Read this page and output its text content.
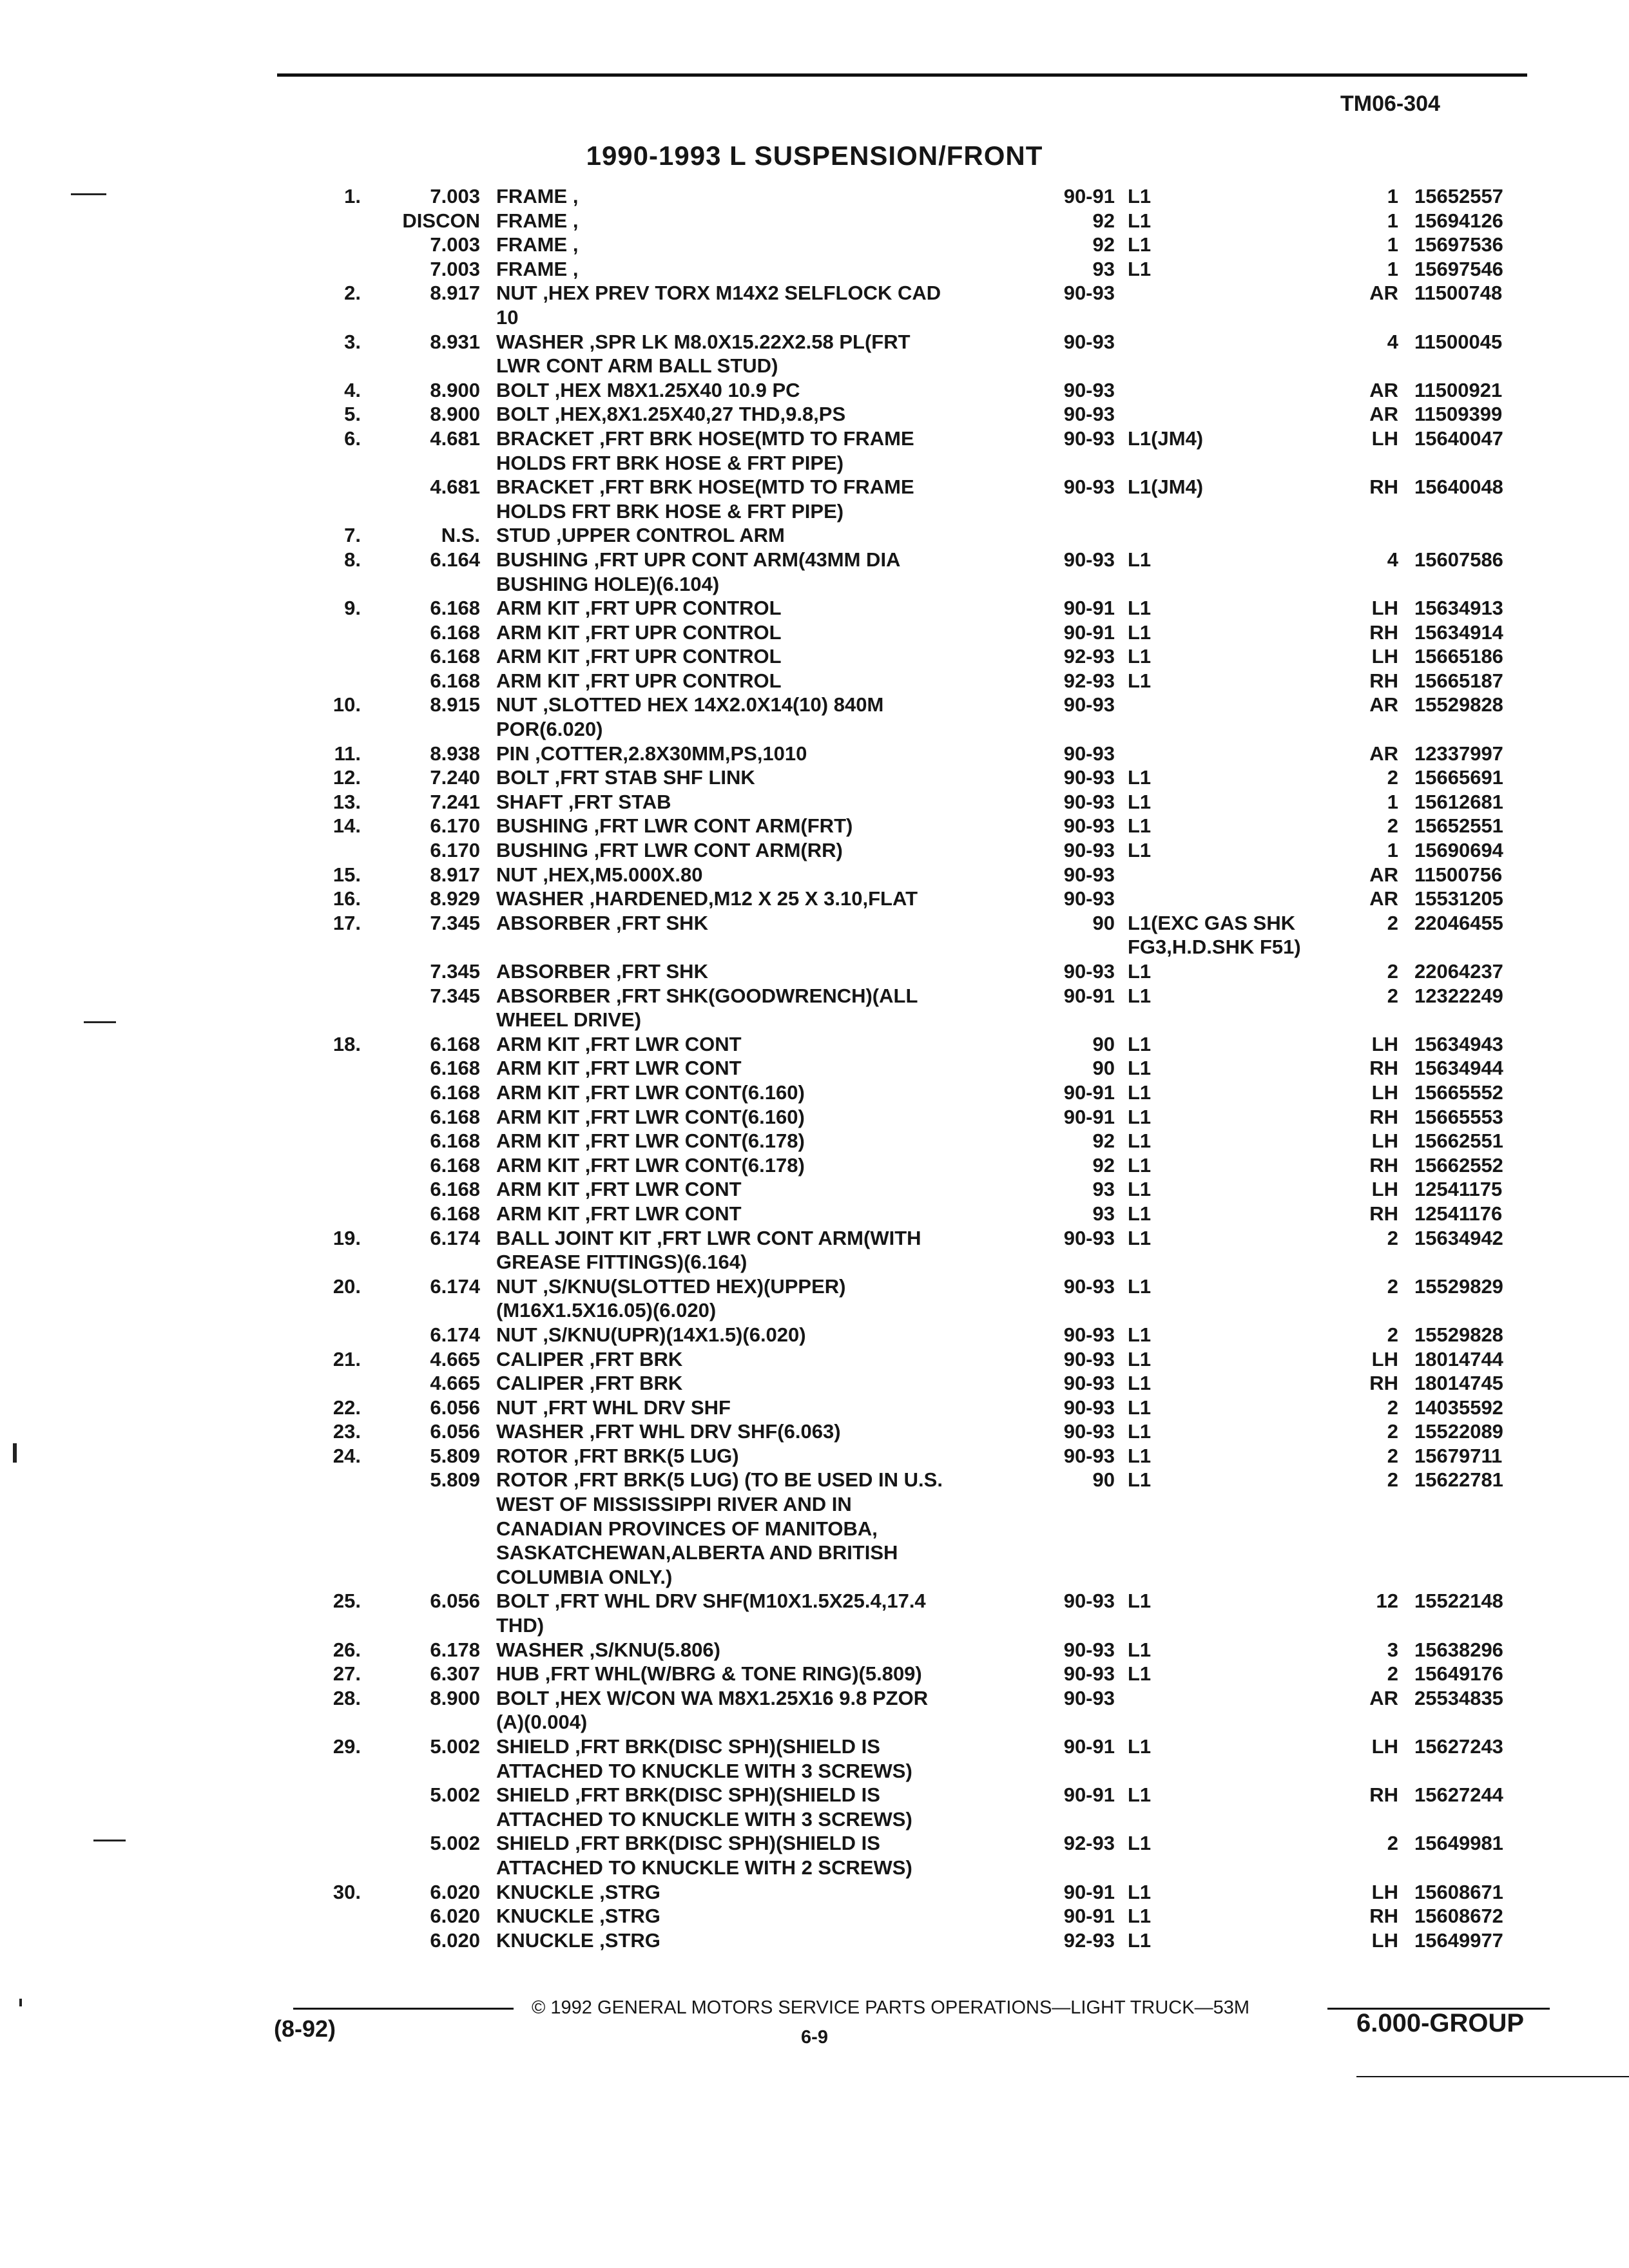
TM06-304
1990-1993 L SUSPENSION/FRONT
1.	7.003 FRAME ,	90-91 L1	1 15652557
DISCON FRAME ,	92 L1	1 15694126
7.003 FRAME ,	92 L1	1 15697536
7.003 FRAME ,	93 L1	1 15697546
2.	8.917 NUT ,HEX PREV TORX M14X2 SELFLOCK CAD	90-93	AR 11500748
10
3.	8.931 WASHER ,SPR LK M8.0X15.22X2.58 PL(FRT	90-93	4 11500045
LWR CONT ARM BALL STUD)
4.	8.900 BOLT ,HEX M8X1.25X40 10.9 PC	90-93	AR 11500921
5.	8.900 BOLT ,HEX,8X1.25X40,27 THD,9.8,PS	90-93	AR 11509399
6.	4.681 BRACKET ,FRT BRK HOSE(MTD TO FRAME	90-93 L1(JM4)	LH 15640047
HOLDS FRT BRK HOSE & FRT PIPE)
4.681 BRACKET ,FRT BRK HOSE(MTD TO FRAME	90-93 L1(JM4)	RH 15640048
HOLDS FRT BRK HOSE & FRT PIPE)
7.	N.S. STUD ,UPPER CONTROL ARM
8.	6.164 BUSHING ,FRT UPR CONT ARM(43MM DIA	90-93 L1	4 15607586
BUSHING HOLE)(6.104)
9.	6.168 ARM KIT ,FRT UPR CONTROL	90-91 L1	LH 15634913
6.168 ARM KIT ,FRT UPR CONTROL	90-91 L1	RH 15634914
6.168 ARM KIT ,FRT UPR CONTROL	92-93 L1	LH 15665186
6.168 ARM KIT ,FRT UPR CONTROL	92-93 L1	RH 15665187
10.	8.915 NUT ,SLOTTED HEX 14X2.0X14(10) 840M	90-93	AR 15529828
POR(6.020)
11.	8.938 PIN ,COTTER,2.8X30MM,PS,1010	90-93	AR 12337997
12.	7.240 BOLT ,FRT STAB SHF LINK	90-93 L1	2 15665691
13.	7.241 SHAFT ,FRT STAB	90-93 L1	1 15612681
14.	6.170 BUSHING ,FRT LWR CONT ARM(FRT)	90-93 L1	2 15652551
6.170 BUSHING ,FRT LWR CONT ARM(RR)	90-93 L1	1 15690694
15.	8.917 NUT ,HEX,M5.000X.80	90-93	AR 11500756
16.	8.929 WASHER ,HARDENED,M12 X 25 X 3.10,FLAT	90-93	AR 15531205
17.	7.345 ABSORBER ,FRT SHK	90 L1(EXC GAS SHK	2 22046455
FG3,H.D.SHK F51)
7.345 ABSORBER ,FRT SHK	90-93 L1	2 22064237
7.345 ABSORBER ,FRT SHK(GOODWRENCH)(ALL	90-91 L1	2 12322249
WHEEL DRIVE)
18.	6.168 ARM KIT ,FRT LWR CONT	90 L1	LH 15634943
6.168 ARM KIT ,FRT LWR CONT	90 L1	RH 15634944
6.168 ARM KIT ,FRT LWR CONT(6.160)	90-91 L1	LH 15665552
6.168 ARM KIT ,FRT LWR CONT(6.160)	90-91 L1	RH 15665553
6.168 ARM KIT ,FRT LWR CONT(6.178)	92 L1	LH 15662551
6.168 ARM KIT ,FRT LWR CONT(6.178)	92 L1	RH 15662552
6.168 ARM KIT ,FRT LWR CONT	93 L1	LH 12541175
6.168 ARM KIT ,FRT LWR CONT	93 L1	RH 12541176
19.	6.174 BALL JOINT KIT ,FRT LWR CONT ARM(WITH	90-93 L1	2 15634942
GREASE FITTINGS)(6.164)
20.	6.174 NUT ,S/KNU(SLOTTED HEX)(UPPER)	90-93 L1	2 15529829
(M16X1.5X16.05)(6.020)
6.174 NUT ,S/KNU(UPR)(14X1.5)(6.020)	90-93 L1	2 15529828
21.	4.665 CALIPER ,FRT BRK	90-93 L1	LH 18014744
4.665 CALIPER ,FRT BRK	90-93 L1	RH 18014745
22.	6.056 NUT ,FRT WHL DRV SHF	90-93 L1	2 14035592
23.	6.056 WASHER ,FRT WHL DRV SHF(6.063)	90-93 L1	2 15522089
24.	5.809 ROTOR ,FRT BRK(5 LUG)	90-93 L1	2 15679711
5.809 ROTOR ,FRT BRK(5 LUG) (TO BE USED IN U.S.	90 L1	2 15622781
WEST OF MISSISSIPPI RIVER AND IN
CANADIAN PROVINCES OF MANITOBA,
SASKATCHEWAN,ALBERTA AND BRITISH
COLUMBIA ONLY.)
25.	6.056 BOLT ,FRT WHL DRV SHF(M10X1.5X25.4,17.4	90-93 L1	12 15522148
THD)
26.	6.178 WASHER ,S/KNU(5.806)	90-93 L1	3 15638296
27.	6.307 HUB ,FRT WHL(W/BRG & TONE RING)(5.809)	90-93 L1	2 15649176
28.	8.900 BOLT ,HEX W/CON WA M8X1.25X16 9.8 PZOR	90-93	AR 25534835
(A)(0.004)
29.	5.002 SHIELD ,FRT BRK(DISC SPH)(SHIELD IS	90-91 L1	LH 15627243
ATTACHED TO KNUCKLE WITH 3 SCREWS)
5.002 SHIELD ,FRT BRK(DISC SPH)(SHIELD IS	90-91 L1	RH 15627244
ATTACHED TO KNUCKLE WITH 3 SCREWS)
5.002 SHIELD ,FRT BRK(DISC SPH)(SHIELD IS	92-93 L1	2 15649981
ATTACHED TO KNUCKLE WITH 2 SCREWS)
30.	6.020 KNUCKLE ,STRG	90-91 L1	LH 15608671
6.020 KNUCKLE ,STRG	90-91 L1	RH 15608672
6.020 KNUCKLE ,STRG	92-93 L1	LH 15649977
© 1992 GENERAL MOTORS SERVICE PARTS OPERATIONS—LIGHT TRUCK—53M
(8-92)	6-9	6.000-GROUP
